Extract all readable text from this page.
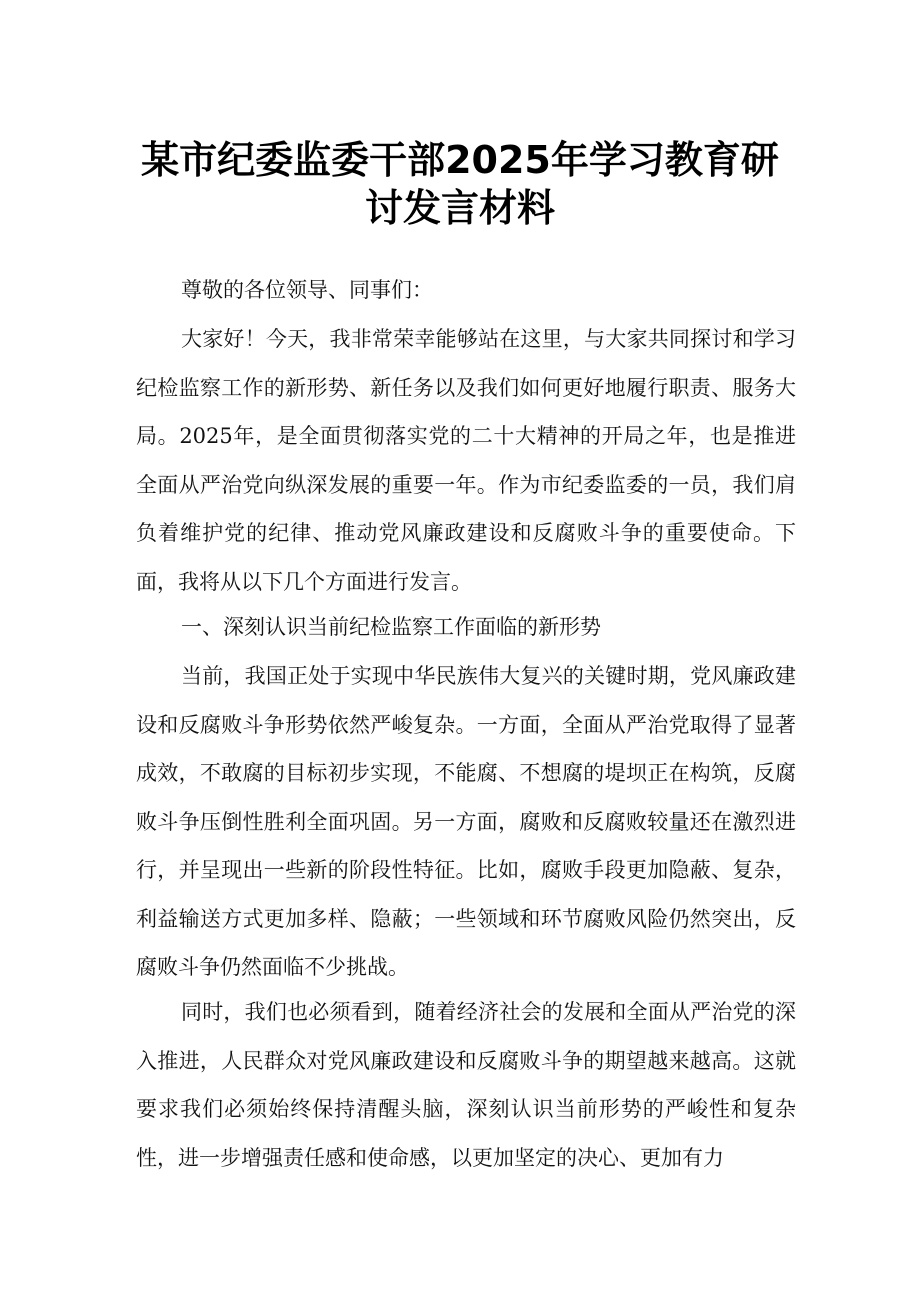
某市纪委监委干部2025年学习教育研
讨发言材料

尊敬的各位领导、同事们：

大家好！今天，我非常荣幸能够站在这里，与大家共同探讨和学习纪检监察工作的新形势、新任务以及我们如何更好地履行职责、服务大局。2025年，是全面贯彻落实党的二十大精神的开局之年，也是推进全面从严治党向纵深发展的重要一年。作为市纪委监委的一员，我们肩负着维护党的纪律、推动党风廉政建设和反腐败斗争的重要使命。下面，我将从以下几个方面进行发言。

一、深刻认识当前纪检监察工作面临的新形势

当前，我国正处于实现中华民族伟大复兴的关键时期，党风廉政建设和反腐败斗争形势依然严峻复杂。一方面，全面从严治党取得了显著成效，不敢腐的目标初步实现，不能腐、不想腐的堤坝正在构筑，反腐败斗争压倒性胜利全面巩固。另一方面，腐败和反腐败较量还在激烈进行，并呈现出一些新的阶段性特征。比如，腐败手段更加隐蔽、复杂，利益输送方式更加多样、隐蔽；一些领域和环节腐败风险仍然突出，反腐败斗争仍然面临不少挑战。

同时，我们也必须看到，随着经济社会的发展和全面从严治党的深入推进，人民群众对党风廉政建设和反腐败斗争的期望越来越高。这就要求我们必须始终保持清醒头脑，深刻认识当前形势的严峻性和复杂性，进一步增强责任感和使命感，以更加坚定的决心、更加有力
